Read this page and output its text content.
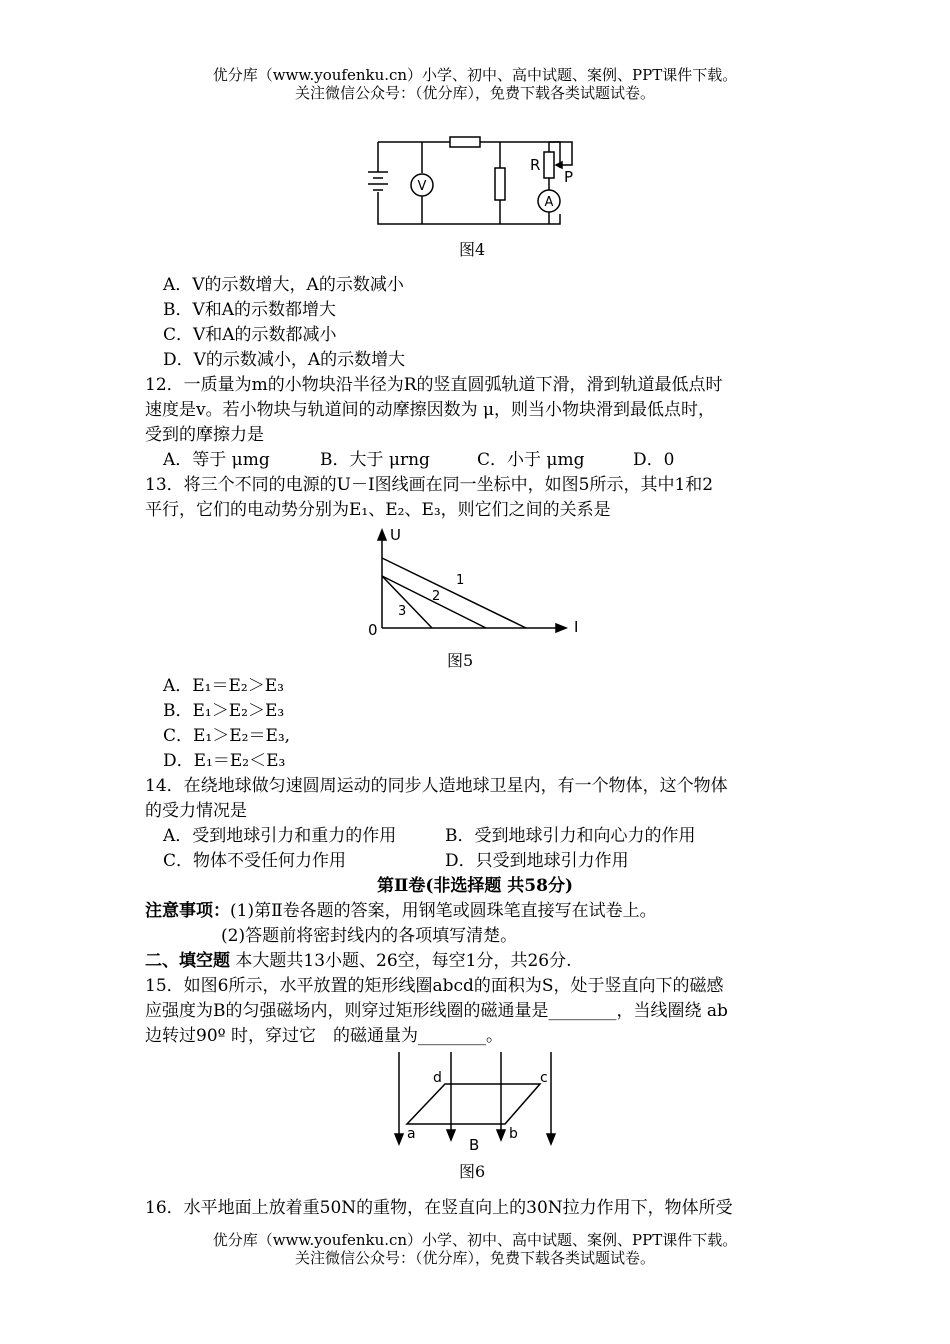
优分库（www.youfenku.cn）小学、初中、高中试题、案例、PPT课件下载。
关注微信公众号：（优分库），免费下载各类试题试卷。
V
A
R
P
图4
A．V的示数增大，A的示数减小
B．V和A的示数都增大
C．V和A的示数都减小
D．V的示数减小，A的示数增大
12．一质量为m的小物块沿半径为R的竖直圆弧轨道下滑，滑到轨道最低点时
速度是v。若小物块与轨道间的动摩擦因数为 μ，则当小物块滑到最低点时，
受到的摩擦力是
A．等于 μmg	B．大于 μrng	C．小于 μmg	D．0
13．将三个不同的电源的U－I图线画在同一坐标中，如图5所示，其中1和2
平行，它们的电动势分别为E₁、E₂、E₃，则它们之间的关系是
U
I
0
1
2
3
图5
A．E₁＝E₂＞E₃
B．E₁＞E₂＞E₃
C．E₁＞E₂＝E₃,
D．E₁＝E₂＜E₃
14．在绕地球做匀速圆周运动的同步人造地球卫星内，有一个物体，这个物体
的受力情况是
A．受到地球引力和重力的作用	B．受到地球引力和向心力的作用
C．物体不受任何力作用	D．只受到地球引力作用
第Ⅱ卷(非选择题 共58分)
注意事项：(1)第Ⅱ卷各题的答案，用钢笔或圆珠笔直接写在试卷上。
(2)答题前将密封线内的各项填写清楚。
二、填空题 本大题共13小题、26空，每空1分，共26分.
15．如图6所示，水平放置的矩形线圈abcd的面积为S，处于竖直向下的磁感
应强度为B的匀强磁场内，则穿过矩形线圈的磁通量是________，当线圈绕 ab
边转过90º 时，穿过它　的磁通量为________。
d	c
a	b
B
图6
16．水平地面上放着重50N的重物，在竖直向上的30N拉力作用下，物体所受
优分库（www.youfenku.cn）小学、初中、高中试题、案例、PPT课件下载。
关注微信公众号：（优分库），免费下载各类试题试卷。
